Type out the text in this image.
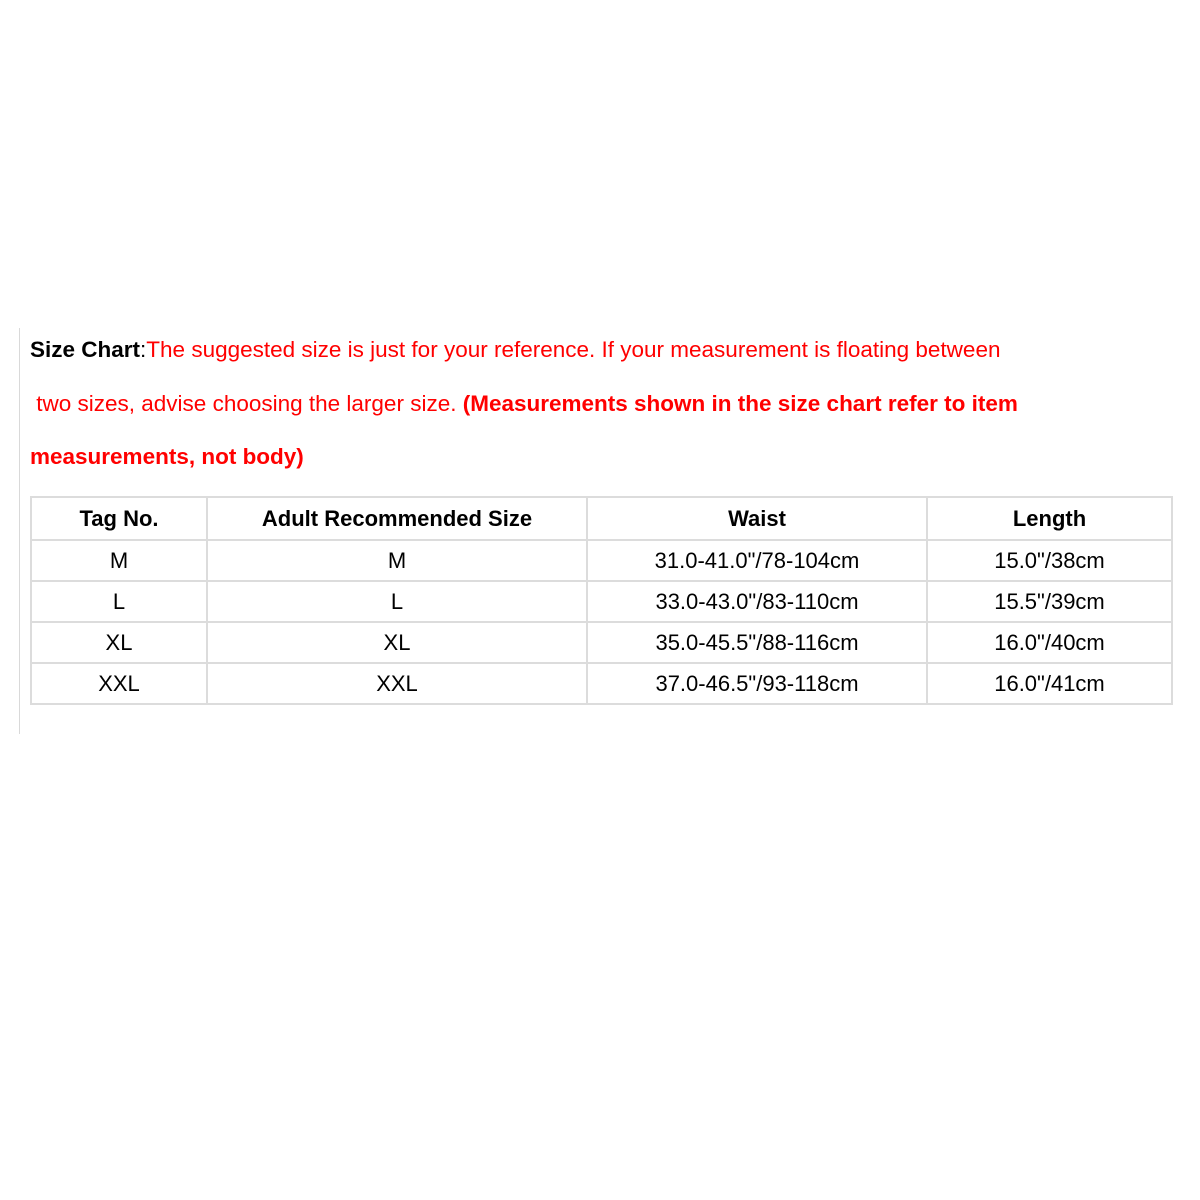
Size Chart:The suggested size is just for your reference. If your measurement is floating between
two sizes, advise choosing the larger size. (Measurements shown in the size chart refer to item
measurements, not body)
Tag No.	Adult Recommended Size	Waist	Length
M	M	31.0-41.0"/78-104cm	15.0"/38cm
L	L	33.0-43.0"/83-110cm	15.5"/39cm
XL	XL	35.0-45.5"/88-116cm	16.0"/40cm
XXL	XXL	37.0-46.5"/93-118cm	16.0"/41cm
